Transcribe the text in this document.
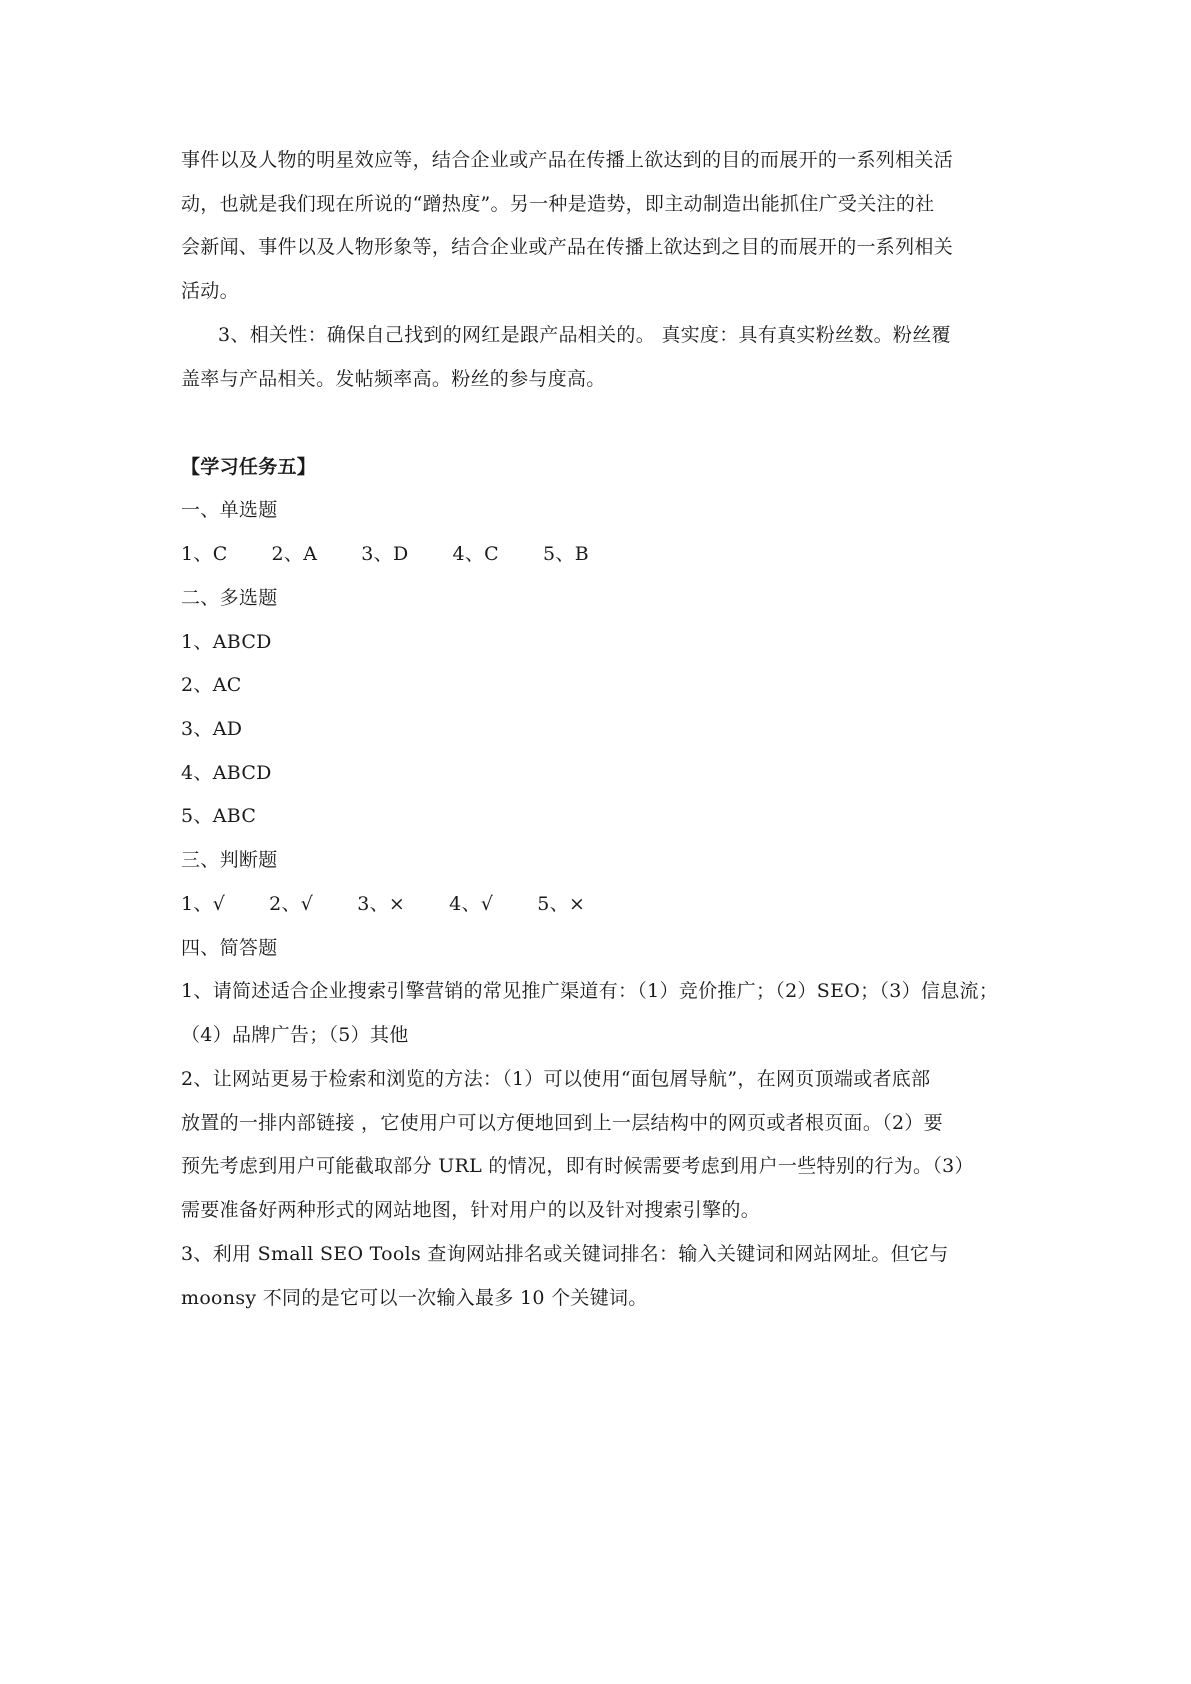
事件以及人物的明星效应等，结合企业或产品在传播上欲达到的目的而展开的一系列相关活
动，也就是我们现在所说的“蹭热度”。另一种是造势，即主动制造出能抓住广受关注的社
会新闻、事件以及人物形象等，结合企业或产品在传播上欲达到之目的而展开的一系列相关
活动。
3、相关性：确保自己找到的网红是跟产品相关的。 真实度：具有真实粉丝数。粉丝覆
盖率与产品相关。发帖频率高。粉丝的参与度高。
【学习任务五】
一、单选题
1、C 2、A 3、D 4、C 5、B
二、多选题
1、ABCD
2、AC
3、AD
4、ABCD
5、ABC
三、判断题
1、√ 2、√ 3、× 4、√ 5、×
四、简答题
1、请简述适合企业搜索引擎营销的常见推广渠道有：（1）竞价推广；（2）SEO；（3）信息流；
（4）品牌广告；（5）其他
2、让网站更易于检索和浏览的方法：（1）可以使用“面包屑导航”，在网页顶端或者底部
放置的一排内部链接 ，它使用户可以方便地回到上一层结构中的网页或者根页面。（2）要
预先考虑到用户可能截取部分 URL 的情况，即有时候需要考虑到用户一些特别的行为。（3）
需要准备好两种形式的网站地图，针对用户的以及针对搜索引擎的。
3、利用 Small SEO Tools 查询网站排名或关键词排名：输入关键词和网站网址。但它与
moonsy 不同的是它可以一次输入最多 10 个关键词。
